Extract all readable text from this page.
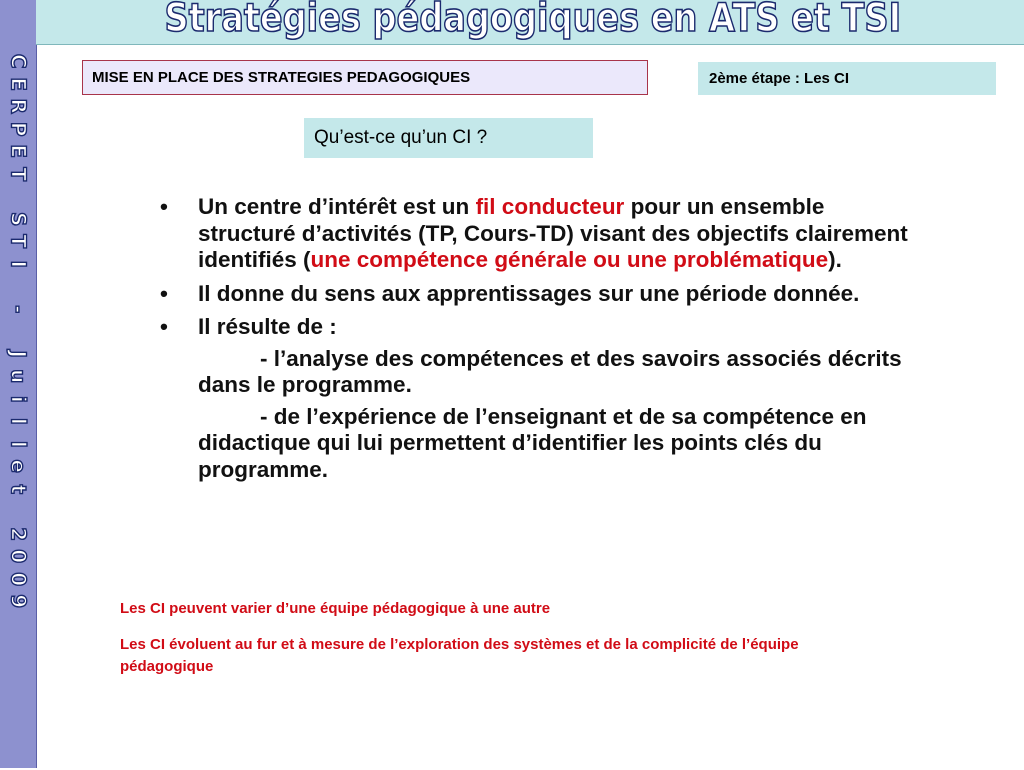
C
E
R
P
E
T

S
T
I

-

J
u
i
l
l
e
t

2
0
0
9
Stratégies pédagogiques en ATS et TSI
MISE EN PLACE DES STRATEGIES PEDAGOGIQUES	2ème étape : Les CI
Qu’est-ce qu’un CI ?
• Un centre d’intérêt est un fil conducteur pour un ensemble structuré d’activités (TP, Cours-TD) visant des objectifs clairement identifiés (une compétence générale ou une problématique).
• Il donne du sens aux apprentissages sur une période donnée.
• Il résulte de :
- l’analyse des compétences et des savoirs associés décrits dans le programme.
- de l’expérience de l’enseignant et de sa compétence en didactique qui lui permettent d’identifier les points clés du programme.
Les CI peuvent varier d’une équipe pédagogique à une autre
Les CI évoluent au fur et à mesure de l’exploration des systèmes et de la complicité de l’équipe pédagogique
